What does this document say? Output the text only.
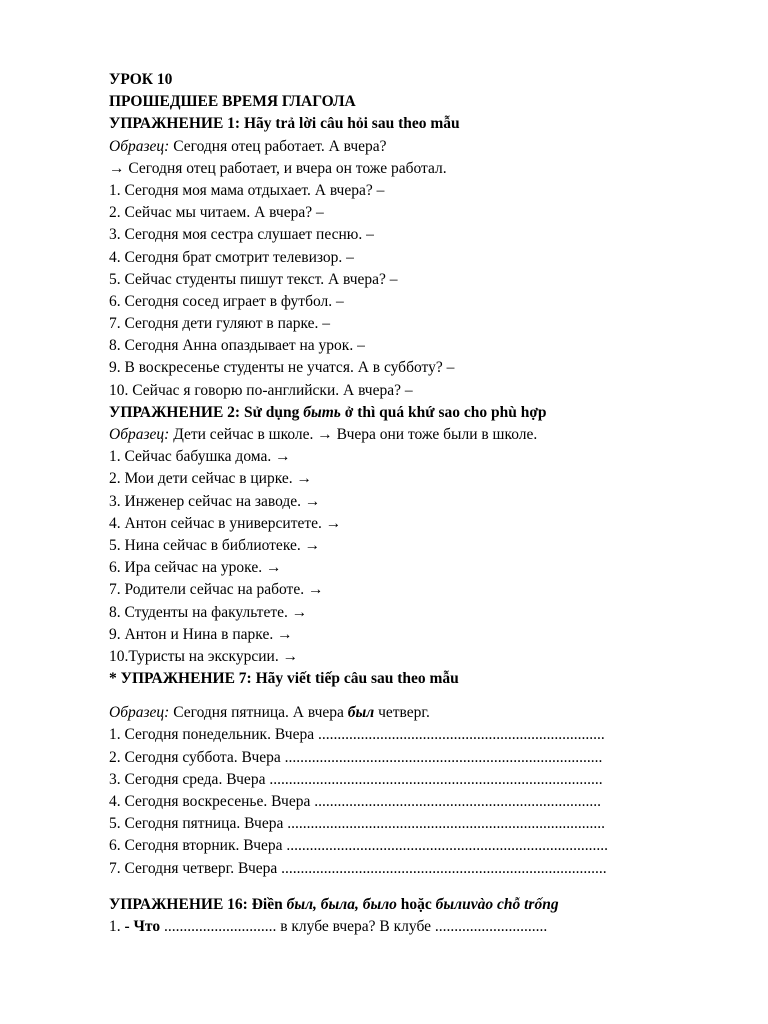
УРОК 10
ПРОШЕДШЕЕ ВРЕМЯ ГЛАГОЛА
УПРАЖНЕНИЕ 1: Hãy trả lời câu hỏi sau theo mẫu
Образец: Сегодня отец работает. А вчера?
→ Сегодня отец работает, и вчера он тоже работал.
1. Сегодня моя мама отдыхает. А вчера? –
2. Сейчас мы читаем. А вчера? –
3. Сегодня моя сестра слушает песню. –
4. Сегодня брат смотрит телевизор. –
5. Сейчас студенты пишут текст. А вчера? –
6. Сегодня сосед играет в футбол. –
7. Сегодня дети гуляют в парке. –
8. Сегодня Анна опаздывает на урок. –
9. В воскресенье студенты не учатся. А в субботу? –
10. Сейчас я говорю по-английски. А вчера? –
УПРАЖНЕНИЕ 2: Sử dụng быть ở thì quá khứ sao cho phù hợp
Образец: Дети сейчас в школе. → Вчера они тоже были в школе.
1. Сейчас бабушка дома. →
2. Мои дети сейчас в цирке. →
3. Инженер сейчас на заводе. →
4. Антон сейчас в университете. →
5. Нина сейчас в библиотеке. →
6. Ира сейчас на уроке. →
7. Родители сейчас на работе. →
8. Студенты на факультете. →
9. Антон и Нина в парке. →
10.Туристы на экскурсии. →
* УПРАЖНЕНИЕ 7: Hãy viết tiếp câu sau theo mẫu
Образец: Сегодня пятница. А вчера был четверг.
1. Сегодня понедельник. Вчера ..........................................................................
2. Сегодня суббота. Вчера ..................................................................................
3. Сегодня среда. Вчера ......................................................................................
4. Сегодня воскресенье. Вчера ..........................................................................
5. Сегодня пятница. Вчера ..................................................................................
6. Сегодня вторник. Вчера ...................................................................................
7. Сегодня четверг. Вчера ....................................................................................
УПРАЖНЕНИЕ 16: Điền был, была, было hoặc былиvào chỗ trống
1. - Что ............................. в клубе вчера? В клубе .............................
